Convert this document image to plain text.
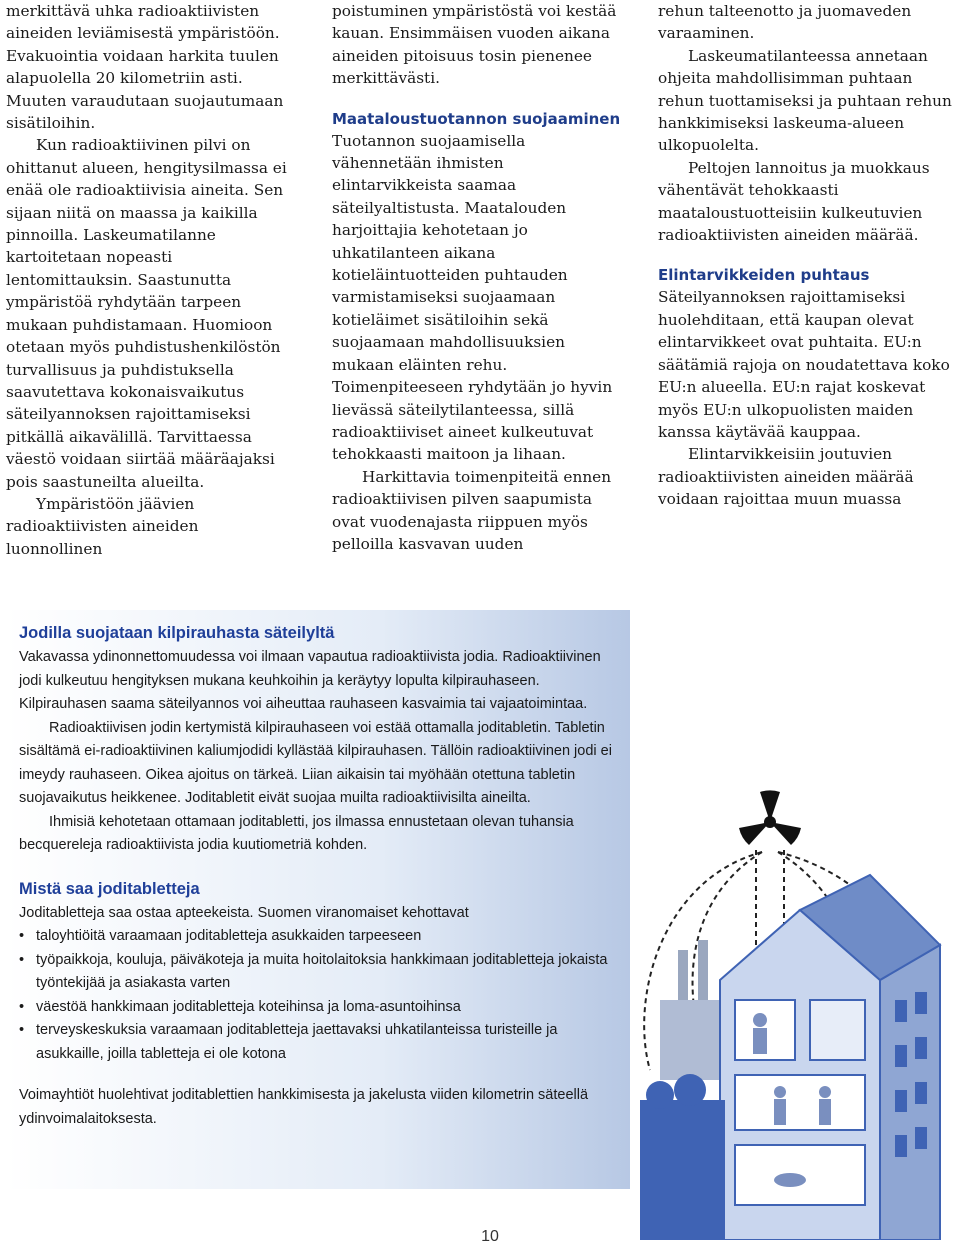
merkittävä uhka radioaktiivisten aineiden leviämisestä ympäristöön. Evakuointia voidaan harkita tuulen alapuolella 20 kilometriin asti. Muuten varaudutaan suojautumaan sisätiloihin.

Kun radioaktiivinen pilvi on ohittanut alueen, hengitysilmassa ei enää ole radioaktiivisia aineita. Sen sijaan niitä on maassa ja kaikilla pinnoilla. Laskeumatilanne kartoitetaan nopeasti lentomittauksin. Saastunutta ympäristöä ryhdytään tarpeen mukaan puhdistamaan. Huomioon otetaan myös puhdistushenkilöstön turvallisuus ja puhdistuksella saavutettava kokonaisvaikutus säteilyannoksen rajoittamiseksi pitkällä aikavälillä. Tarvittaessa väestö voidaan siirtää määräajaksi pois saastuneilta alueilta.

Ympäristöön jäävien radioaktiivisten aineiden luonnollinen

poistuminen ympäristöstä voi kestää kauan. Ensimmäisen vuoden aikana aineiden pitoisuus tosin pienenee merkittävästi.

Maataloustuotannon suojaaminen

Tuotannon suojaamisella vähennetään ihmisten elintarvikkeista saamaa säteilyaltistusta. Maatalouden harjoittajia kehotetaan jo uhkatilanteen aikana kotieläintuotteiden puhtauden varmistamiseksi suojaamaan kotieläimet sisätiloihin sekä suojaamaan mahdollisuuksien mukaan eläinten rehu. Toimenpiteeseen ryhdytään jo hyvin lievässä säteilytilanteessa, sillä radioaktiiviset aineet kulkeutuvat tehokkaasti maitoon ja lihaan.

Harkittavia toimenpiteitä ennen radioaktiivisen pilven saapumista ovat vuodenajasta riippuen myös pelloilla kasvavan uuden

rehun talteenotto ja juomaveden varaaminen.

Laskeumatilanteessa annetaan ohjeita mahdollisimman puhtaan rehun tuottamiseksi ja puhtaan rehun hankkimiseksi laskeuma-alueen ulkopuolelta.

Peltojen lannoitus ja muokkaus vähentävät tehokkaasti maataloustuotteisiin kulkeutuvien radioaktiivisten aineiden määrää.

Elintarvikkeiden puhtaus

Säteilyannoksen rajoittamiseksi huolehditaan, että kaupan olevat elintarvikkeet ovat puhtaita. EU:n säätämiä rajoja on noudatettava koko EU:n alueella. EU:n rajat koskevat myös EU:n ulkopuolisten maiden kanssa käytävää kauppaa.

Elintarvikkeisiin joutuvien radioaktiivisten aineiden määrää voidaan rajoittaa muun muassa

Jodilla suojataan kilpirauhasta säteilyltä

Vakavassa ydinonnettomuudessa voi ilmaan vapautua radioaktiivista jodia. Radioaktiivinen jodi kulkeutuu hengityksen mukana keuhkoihin ja keräytyy lopulta kilpirauhaseen. Kilpirauhasen saama säteilyannos voi aiheuttaa rauhaseen kasvaimia tai vajaatoimintaa.

Radioaktiivisen jodin kertymistä kilpirauhaseen voi estää ottamalla joditabletin. Tabletin sisältämä ei-radioaktiivinen kaliumjodidi kyllästää kilpirauhasen. Tällöin radioaktiivinen jodi ei imeydy rauhaseen. Oikea ajoitus on tärkeä. Liian aikaisin tai myöhään otettuna tabletin suojavaikutus heikkenee. Joditabletit eivät suojaa muilta radioaktiivisilta aineilta.

Ihmisiä kehotetaan ottamaan joditabletti, jos ilmassa ennustetaan olevan tuhansia becquereleja radioaktiivista jodia kuutiometriä kohden.

Mistä saa joditabletteja

Joditabletteja saa ostaa apteekeista. Suomen viranomaiset kehottavat

• taloyhtiöitä varaamaan joditabletteja asukkaiden tarpeeseen
• työpaikkoja, kouluja, päiväkoteja ja muita hoitolaitoksia hankkimaan joditabletteja jokaista työntekijää ja asiakasta varten
• väestöä hankkimaan joditabletteja koteihinsa ja loma-asuntoihinsa
• terveyskeskuksia varaamaan joditabletteja jaettavaksi uhkatilanteissa turisteille ja asukkaille, joilla tabletteja ei ole kotona

Voimayhtiöt huolehtivat joditablettien hankkimisesta ja jakelusta viiden kilometrin säteellä ydinvoimalaitoksesta.

10
